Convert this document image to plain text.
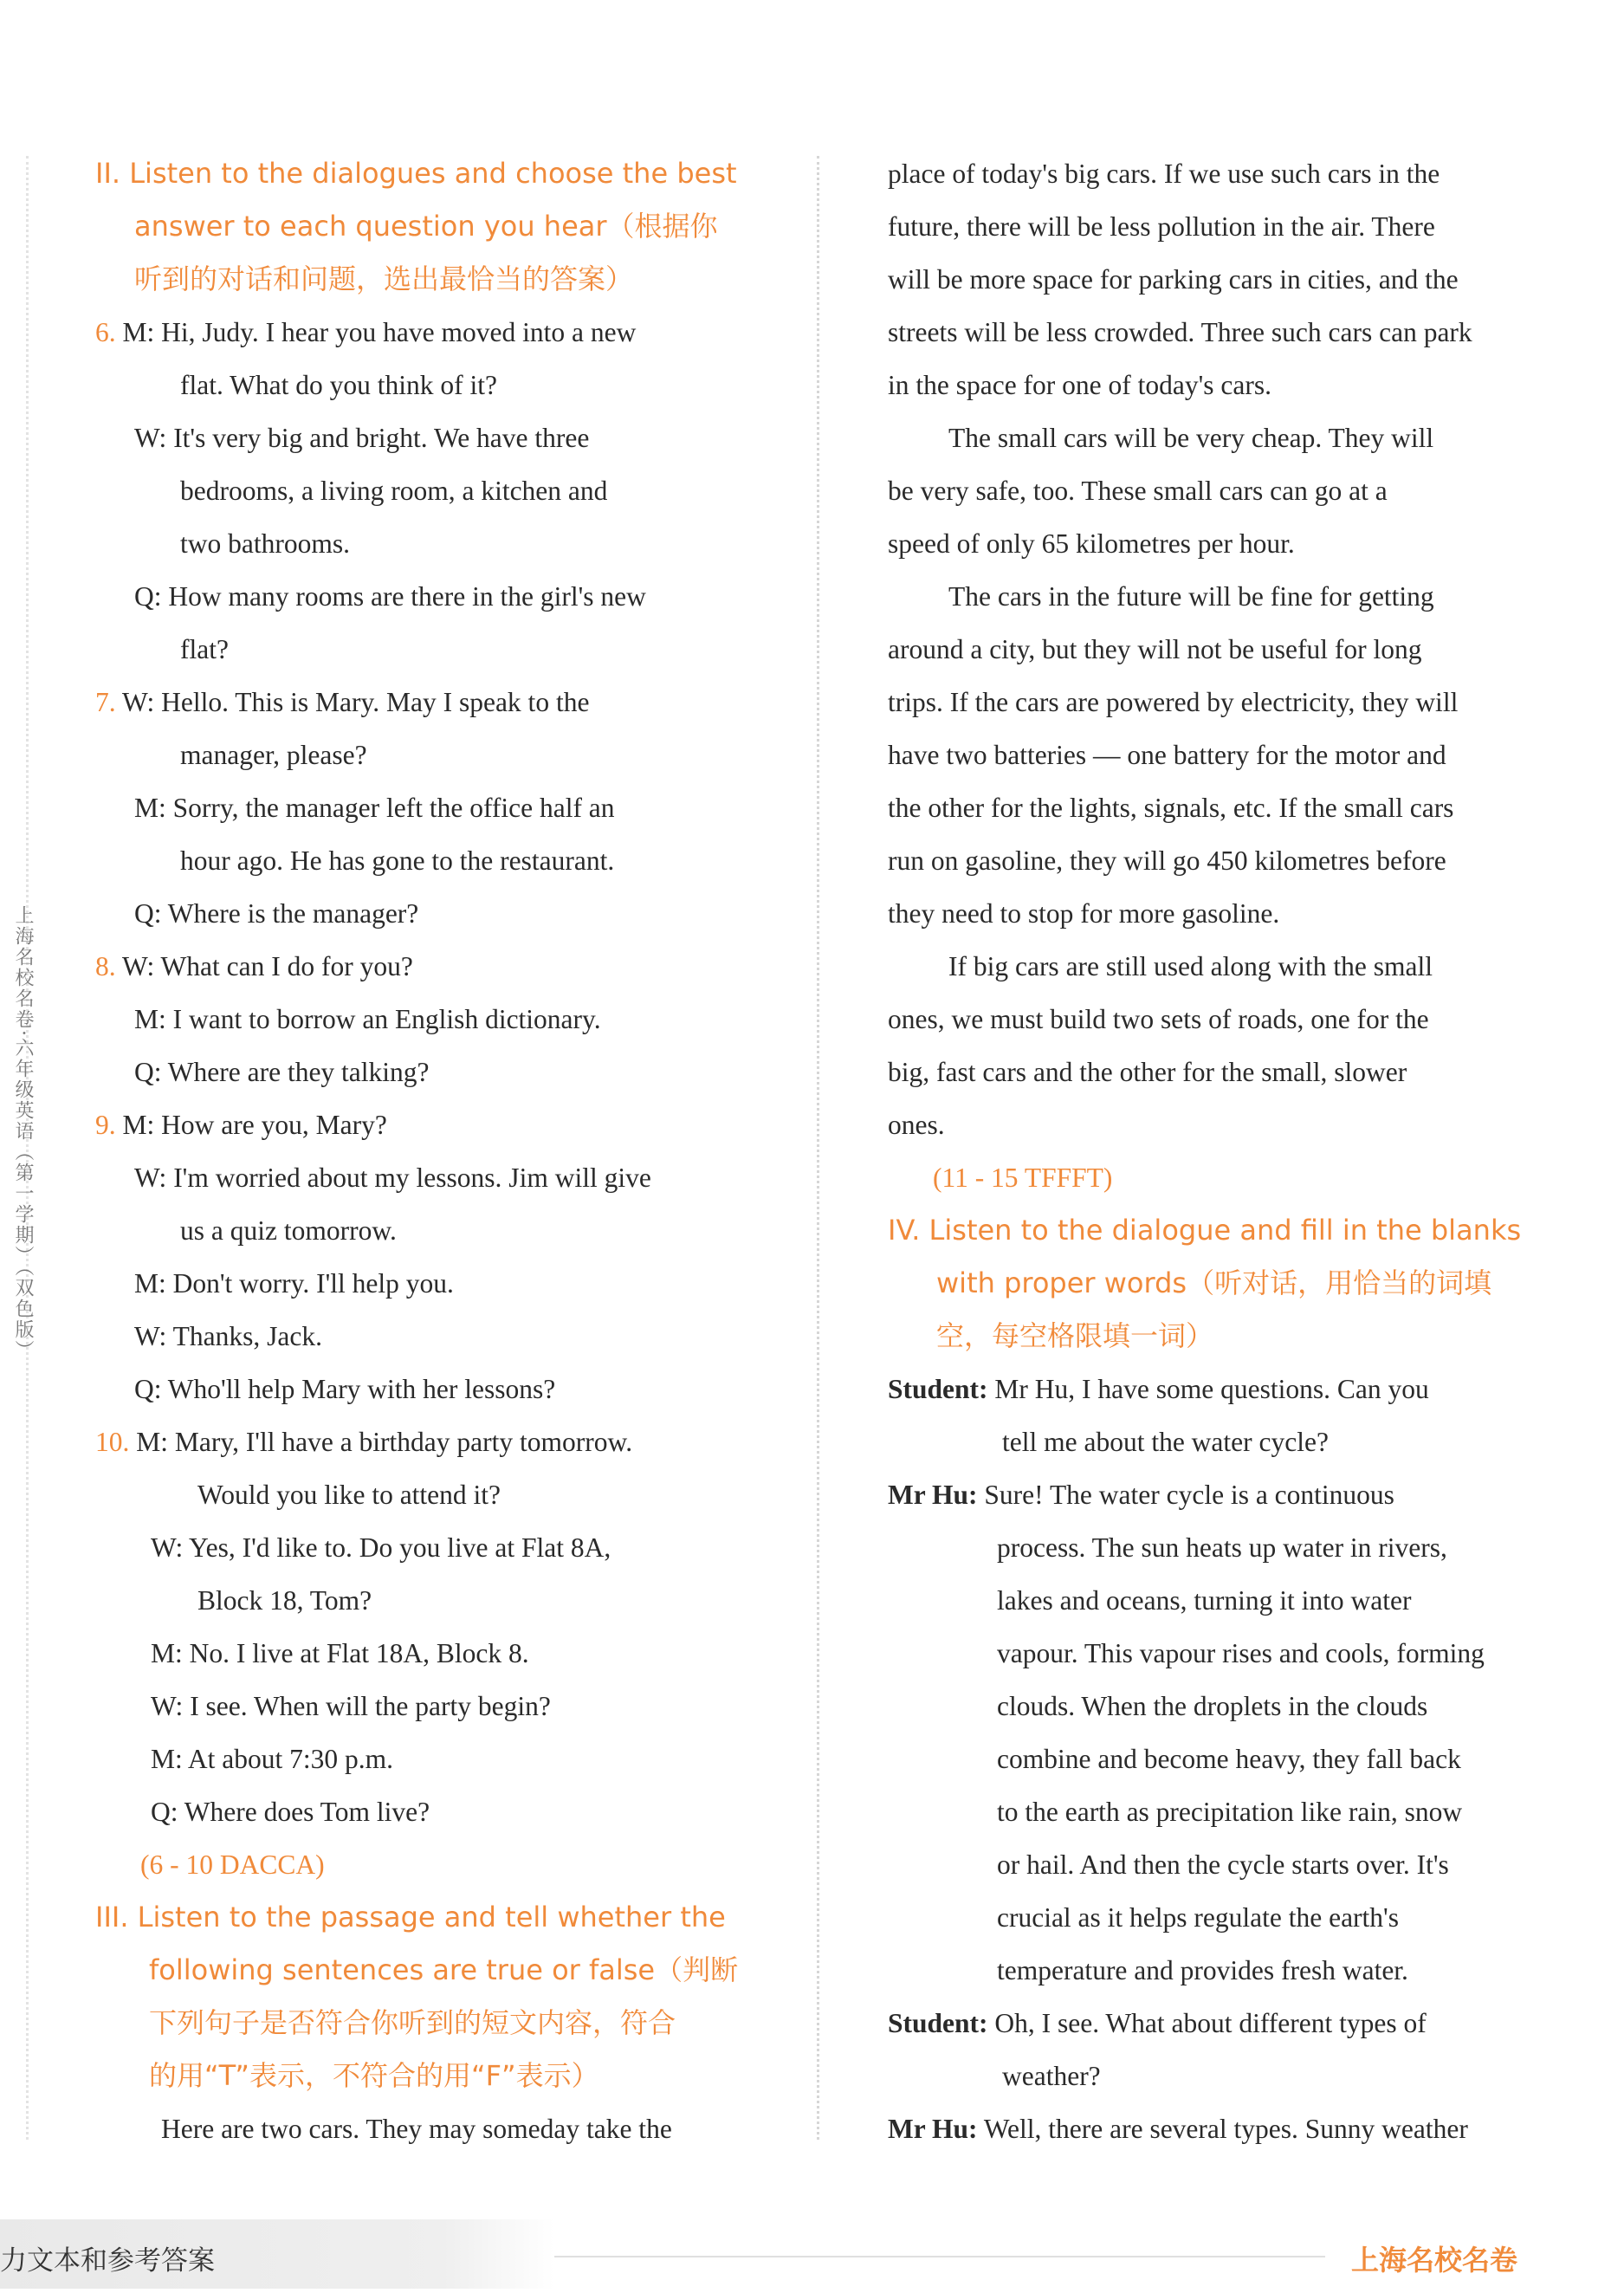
上海名校名卷·六年级英语（第一学期）（双色版）
II. Listen to the dialogues and choose the best
answer to each question you hear（根据你
听到的对话和问题，选出最恰当的答案）
6. M: Hi, Judy. I hear you have moved into a new
flat. What do you think of it?
W: It's very big and bright. We have three
bedrooms, a living room, a kitchen and
two bathrooms.
Q: How many rooms are there in the girl's new
flat?
7. W: Hello. This is Mary. May I speak to the
manager, please?
M: Sorry, the manager left the office half an
hour ago. He has gone to the restaurant.
Q: Where is the manager?
8. W: What can I do for you?
M: I want to borrow an English dictionary.
Q: Where are they talking?
9. M: How are you, Mary?
W: I'm worried about my lessons. Jim will give
us a quiz tomorrow.
M: Don't worry. I'll help you.
W: Thanks, Jack.
Q: Who'll help Mary with her lessons?
10. M: Mary, I'll have a birthday party tomorrow.
Would you like to attend it?
W: Yes, I'd like to. Do you live at Flat 8A,
Block 18, Tom?
M: No. I live at Flat 18A, Block 8.
W: I see. When will the party begin?
M: At about 7:30 p.m.
Q: Where does Tom live?
(6 - 10 DACCA)
III. Listen to the passage and tell whether the
following sentences are true or false（判断
下列句子是否符合你听到的短文内容，符合
的用“T”表示，不符合的用“F”表示）
Here are two cars. They may someday take the
place of today's big cars. If we use such cars in the
future, there will be less pollution in the air. There
will be more space for parking cars in cities, and the
streets will be less crowded. Three such cars can park
in the space for one of today's cars.
The small cars will be very cheap. They will
be very safe, too. These small cars can go at a
speed of only 65 kilometres per hour.
The cars in the future will be fine for getting
around a city, but they will not be useful for long
trips. If the cars are powered by electricity, they will
have two batteries — one battery for the motor and
the other for the lights, signals, etc. If the small cars
run on gasoline, they will go 450 kilometres before
they need to stop for more gasoline.
If big cars are still used along with the small
ones, we must build two sets of roads, one for the
big, fast cars and the other for the small, slower
ones.
(11 - 15 TFFFT)
IV. Listen to the dialogue and fill in the blanks
with proper words（听对话，用恰当的词填
空，每空格限填一词）
Student: Mr Hu, I have some questions. Can you
tell me about the water cycle?
Mr Hu: Sure! The water cycle is a continuous
process. The sun heats up water in rivers,
lakes and oceans, turning it into water
vapour. This vapour rises and cools, forming
clouds. When the droplets in the clouds
combine and become heavy, they fall back
to the earth as precipitation like rain, snow
or hail. And then the cycle starts over. It's
crucial as it helps regulate the earth's
temperature and provides fresh water.
Student: Oh, I see. What about different types of
weather?
Mr Hu: Well, there are several types. Sunny weather
力文本和参考答案	上海名校名卷
